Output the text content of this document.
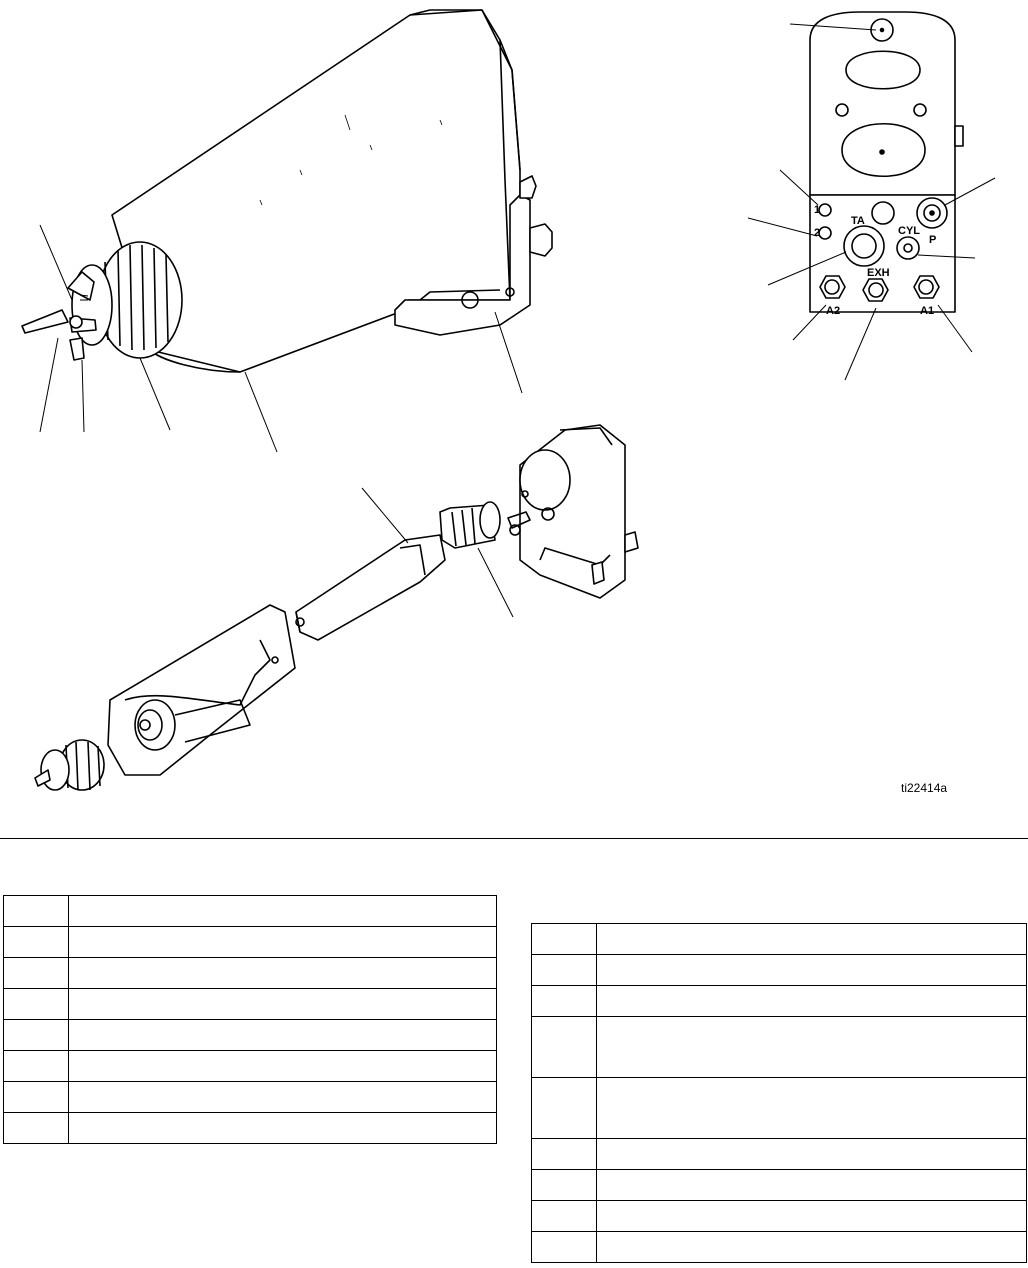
1
2
TA
CYL
P
EXH
A2	A1
ti22414a
